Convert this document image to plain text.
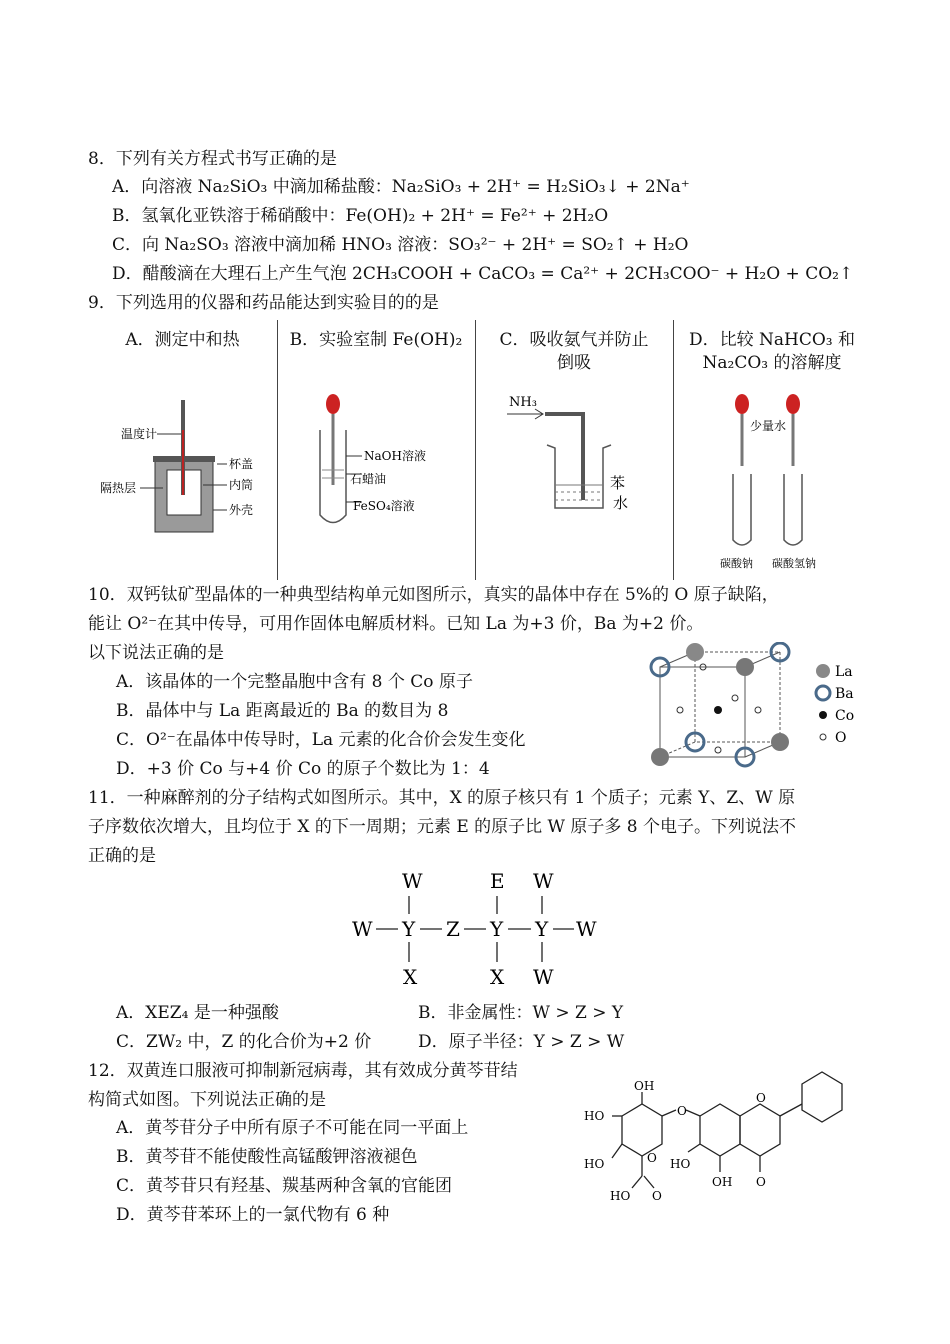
8．下列有关方程式书写正确的是
A．向溶液 Na₂SiO₃ 中滴加稀盐酸：Na₂SiO₃ + 2H⁺ = H₂SiO₃↓ + 2Na⁺
B．氢氧化亚铁溶于稀硝酸中：Fe(OH)₂ + 2H⁺ = Fe²⁺ + 2H₂O
C．向 Na₂SO₃ 溶液中滴加稀 HNO₃ 溶液：SO₃²⁻ + 2H⁺ = SO₂↑ + H₂O
D．醋酸滴在大理石上产生气泡 2CH₃COOH + CaCO₃ = Ca²⁺ + 2CH₃COO⁻ + H₂O + CO₂↑
9．下列选用的仪器和药品能达到实验目的的是
A．测定中和热	B．实验室制 Fe(OH)₂	C．吸收氨气并防止
倒吸
D．比较 NaHCO₃ 和
Na₂CO₃ 的溶解度
温度计
杯盖
内筒
隔热层
外壳
NaOH溶液
石蜡油
FeSO₄溶液
NH₃
苯
水
少量水
碳酸钠 碳酸氢钠
10．双钙钛矿型晶体的一种典型结构单元如图所示，真实的晶体中存在 5%的 O 原子缺陷，
能让 O²⁻在其中传导，可用作固体电解质材料。已知 La 为+3 价，Ba 为+2 价。
以下说法正确的是
A．该晶体的一个完整晶胞中含有 8 个 Co 原子
B．晶体中与 La 距离最近的 Ba 的数目为 8
C．O²⁻在晶体中传导时，La 元素的化合价会发生变化
D．+3 价 Co 与+4 价 Co 的原子个数比为 1：4
La
Ba
Co
O
11．一种麻醉剂的分子结构式如图所示。其中，X 的原子核只有 1 个质子；元素 Y、Z、W 原
子序数依次增大，且均位于 X 的下一周期；元素 E 的原子比 W 原子多 8 个电子。下列说法不
正确的是
W	E W
W Y Z Y Y W
X	X W
A．XEZ₄ 是一种强酸	B．非金属性：W > Z > Y
C．ZW₂ 中，Z 的化合价为+2 价	D．原子半径：Y > Z > W
12．双黄连口服液可抑制新冠病毒，其有效成分黄芩苷结
构简式如图。下列说法正确的是
A．黄芩苷分子中所有原子不可能在同一平面上
B．黄芩苷不能使酸性高锰酸钾溶液褪色
C．黄芩苷只有羟基、羰基两种含氧的官能团
D．黄芩苷苯环上的一氯代物有 6 种
OH
HO
HO	O
HO O
O
HO
OH O
O
